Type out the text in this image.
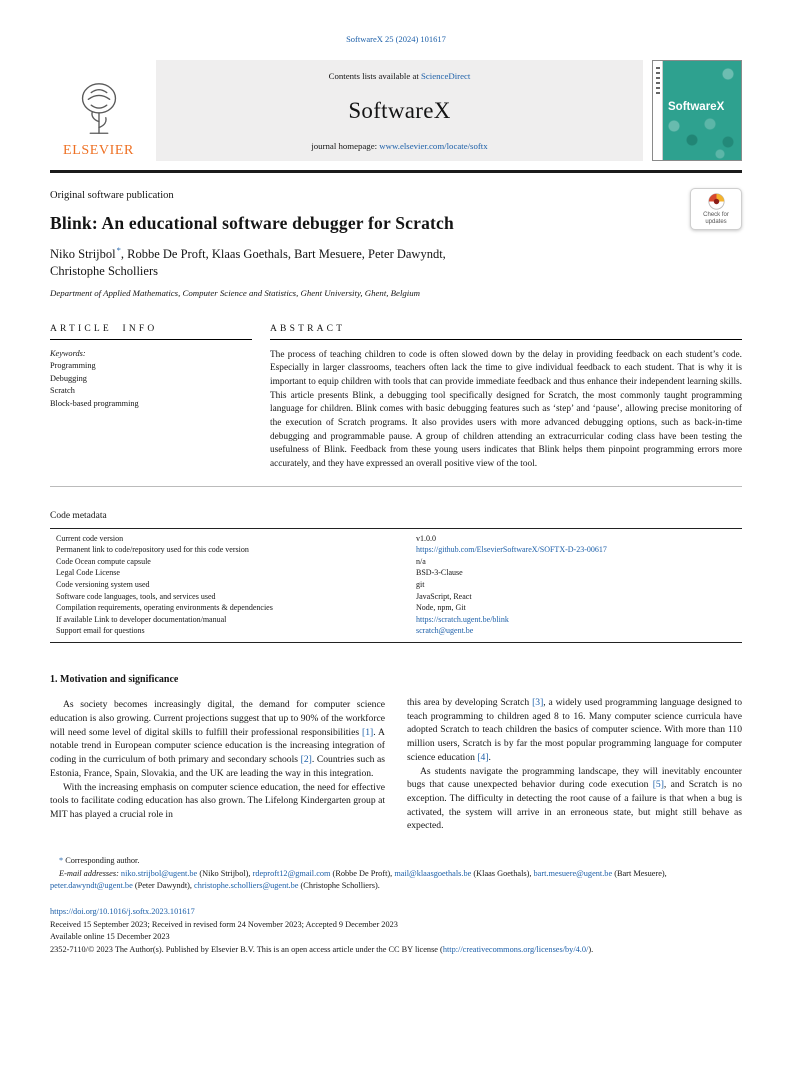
SoftwareX 25 (2024) 101617
ELSEVIER
Contents lists available at ScienceDirect
SoftwareX
journal homepage: www.elsevier.com/locate/softx
SoftwareX
Original software publication
Check for
updates
Blink: An educational software debugger for Scratch
Niko Strijbol*, Robbe De Proft, Klaas Goethals, Bart Mesuere, Peter Dawyndt,
Christophe Scholliers
Department of Applied Mathematics, Computer Science and Statistics, Ghent University, Ghent, Belgium
ARTICLE INFO
Keywords:
Programming
Debugging
Scratch
Block-based programming
ABSTRACT
The process of teaching children to code is often slowed down by the delay in providing feedback on each student’s code. Especially in larger classrooms, teachers often lack the time to give individual feedback to each student. That is why it is important to equip children with tools that can provide immediate feedback and thus enhance their independent learning skills. This article presents Blink, a debugging tool specifically designed for Scratch, the most commonly taught programming language for children. Blink comes with basic debugging features such as ‘step’ and ‘pause’, allowing precise monitoring of the execution of Scratch programs. It also provides users with more advanced debugging options, such as back-in-time debugging and programmable pause. A group of children attending an extracurricular coding class have been testing the usefulness of Blink. Feedback from these young users indicates that Blink helps them pinpoint programming errors more accurately, and they have expressed an overall positive view of the tool.
Code metadata
Current code version	v1.0.0
Permanent link to code/repository used for this code version	https://github.com/ElsevierSoftwareX/SOFTX-D-23-00617
Code Ocean compute capsule	n/a
Legal Code License	BSD-3-Clause
Code versioning system used	git
Software code languages, tools, and services used	JavaScript, React
Compilation requirements, operating environments & dependencies	Node, npm, Git
If available Link to developer documentation/manual	https://scratch.ugent.be/blink
Support email for questions	scratch@ugent.be
1. Motivation and significance

As society becomes increasingly digital, the demand for computer science education is also growing. Current projections suggest that up to 90% of the workforce will need some level of digital skills to fulfill their professional responsibilities [1]. A notable trend in European computer science education is the increasing integration of coding in the curriculum of both primary and secondary schools [2]. Countries such as Estonia, France, Spain, Slovakia, and the UK are leading the way in this integration.

With the increasing emphasis on computer science education, the need for effective tools to facilitate coding education has also grown. The Lifelong Kindergarten group at MIT has played a crucial role in

this area by developing Scratch [3], a widely used programming language designed to teach programming to children aged 8 to 16. Many computer science curricula have adopted Scratch to teach children the basics of computer science. With more than 110 million users, Scratch is by far the most popular programming language for computer science education [4].

As students navigate the programming landscape, they will inevitably encounter bugs that cause unexpected behavior during code execution [5], and Scratch is no exception. The difficulty in detecting the root cause of a failure is that when a bug is activated, the system will arrive in an erroneous state, but might still behave as expected.

* Corresponding author.
E-mail addresses: niko.strijbol@ugent.be (Niko Strijbol), rdeproft12@gmail.com (Robbe De Proft), mail@klaasgoethals.be (Klaas Goethals), bart.mesuere@ugent.be (Bart Mesuere), peter.dawyndt@ugent.be (Peter Dawyndt), christophe.scholliers@ugent.be (Christophe Scholliers).
https://doi.org/10.1016/j.softx.2023.101617
Received 15 September 2023; Received in revised form 24 November 2023; Accepted 9 December 2023
Available online 15 December 2023
2352-7110/© 2023 The Author(s). Published by Elsevier B.V. This is an open access article under the CC BY license (http://creativecommons.org/licenses/by/4.0/).
